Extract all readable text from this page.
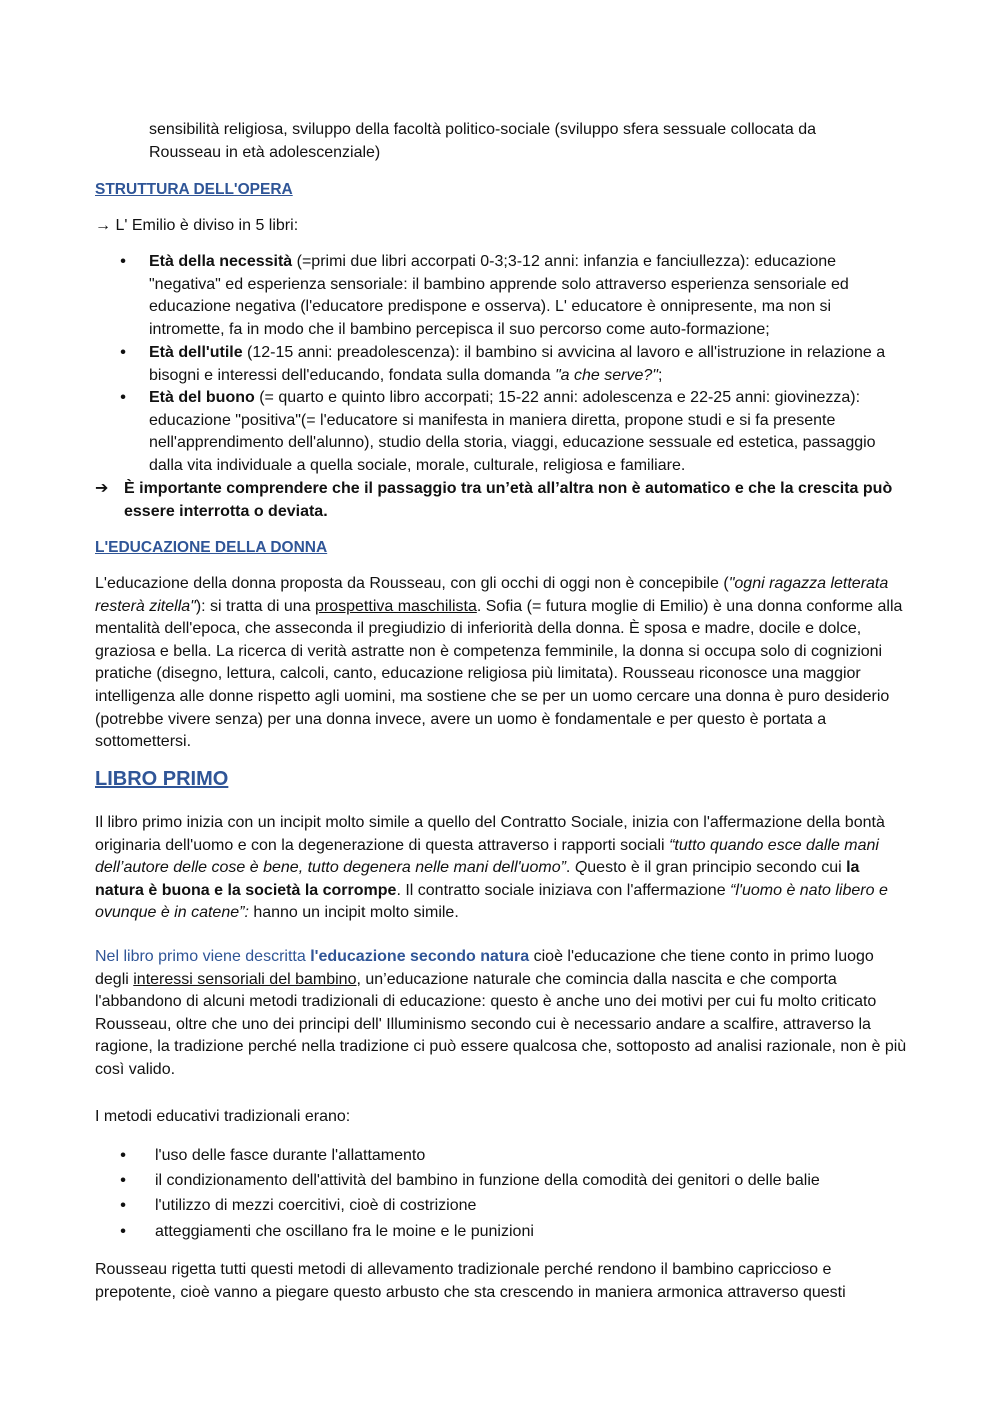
sensibilità religiosa, sviluppo della facoltà politico-sociale (sviluppo sfera sessuale collocata da
Rousseau in età adolescenziale)

STRUTTURA DELL'OPERA

→ L' Emilio è diviso in 5 libri:

• Età della necessità (=primi due libri accorpati 0-3;3-12 anni: infanzia e fanciullezza): educazione "negativa" ed esperienza sensoriale: il bambino apprende solo attraverso esperienza sensoriale ed educazione negativa (l'educatore predispone e osserva). L' educatore è onnipresente, ma non si intromette, fa in modo che il bambino percepisca il suo percorso come auto-formazione;
• Età dell'utile (12-15 anni: preadolescenza): il bambino si avvicina al lavoro e all'istruzione in relazione a bisogni e interessi dell'educando, fondata sulla domanda "a che serve?";
• Età del buono (= quarto e quinto libro accorpati; 15-22 anni: adolescenza e 22-25 anni: giovinezza): educazione "positiva"(= l'educatore si manifesta in maniera diretta, propone studi e si fa presente nell'apprendimento dell'alunno), studio della storia, viaggi, educazione sessuale ed estetica, passaggio dalla vita individuale a quella sociale, morale, culturale, religiosa e familiare.
➔ È importante comprendere che il passaggio tra un’età all’altra non è automatico e che la crescita può essere interrotta o deviata.

L'EDUCAZIONE DELLA DONNA

L'educazione della donna proposta da Rousseau, con gli occhi di oggi non è concepibile ("ogni ragazza letterata resterà zitella"): si tratta di una prospettiva maschilista. Sofia (= futura moglie di Emilio) è una donna conforme alla mentalità dell'epoca, che asseconda il pregiudizio di inferiorità della donna. È sposa e madre, docile e dolce, graziosa e bella. La ricerca di verità astratte non è competenza femminile, la donna si occupa solo di cognizioni pratiche (disegno, lettura, calcoli, canto, educazione religiosa più limitata). Rousseau riconosce una maggior intelligenza alle donne rispetto agli uomini, ma sostiene che se per un uomo cercare una donna è puro desiderio (potrebbe vivere senza) per una donna invece, avere un uomo è fondamentale e per questo è portata a sottomettersi.

LIBRO PRIMO

Il libro primo inizia con un incipit molto simile a quello del Contratto Sociale, inizia con l'affermazione della bontà originaria dell'uomo e con la degenerazione di questa attraverso i rapporti sociali “tutto quando esce dalle mani dell’autore delle cose è bene, tutto degenera nelle mani dell'uomo”. Questo è il gran principio secondo cui la natura è buona e la società la corrompe. Il contratto sociale iniziava con l'affermazione “l'uomo è nato libero e ovunque è in catene”: hanno un incipit molto simile.

Nel libro primo viene descritta l'educazione secondo natura cioè l'educazione che tiene conto in primo luogo degli interessi sensoriali del bambino, un’educazione naturale che comincia dalla nascita e che comporta l'abbandono di alcuni metodi tradizionali di educazione: questo è anche uno dei motivi per cui fu molto criticato Rousseau, oltre che uno dei principi dell' Illuminismo secondo cui è necessario andare a scalfire, attraverso la ragione, la tradizione perché nella tradizione ci può essere qualcosa che, sottoposto ad analisi razionale, non è più così valido.

I metodi educativi tradizionali erano:

• l'uso delle fasce durante l'allattamento
• il condizionamento dell'attività del bambino in funzione della comodità dei genitori o delle balie
• l'utilizzo di mezzi coercitivi, cioè di costrizione
• atteggiamenti che oscillano fra le moine e le punizioni

Rousseau rigetta tutti questi metodi di allevamento tradizionale perché rendono il bambino capriccioso e prepotente, cioè vanno a piegare questo arbusto che sta crescendo in maniera armonica attraverso questi
